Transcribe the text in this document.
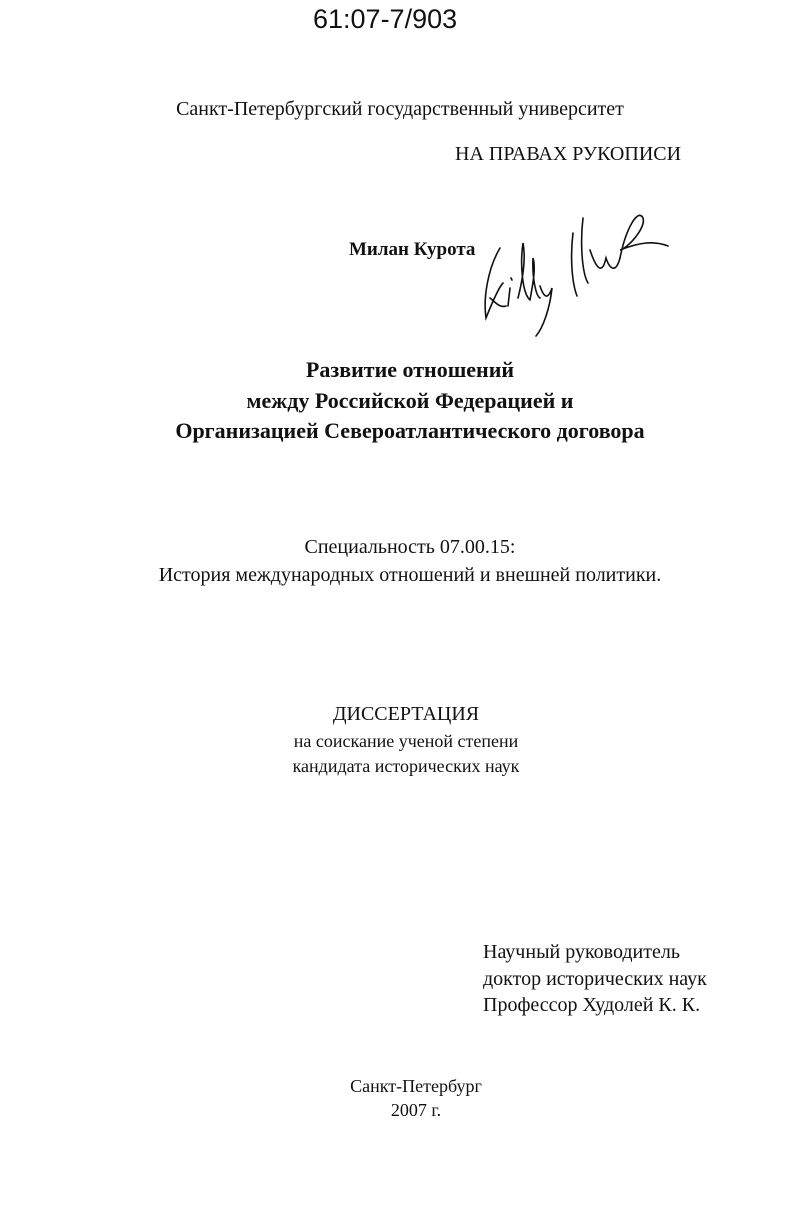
61:07-7/903
Санкт-Петербургский государственный университет
НА ПРАВАХ РУКОПИСИ
Милан Курота
Развитие отношений
между Российской Федерацией и
Организацией Североатлантического договора
Специальность 07.00.15:
История международных отношений и внешней политики.
ДИССЕРТАЦИЯ
на соискание ученой степени
кандидата исторических наук
Научный руководитель
доктор исторических наук
Профессор Худолей К. К.
Санкт-Петербург
2007 г.
